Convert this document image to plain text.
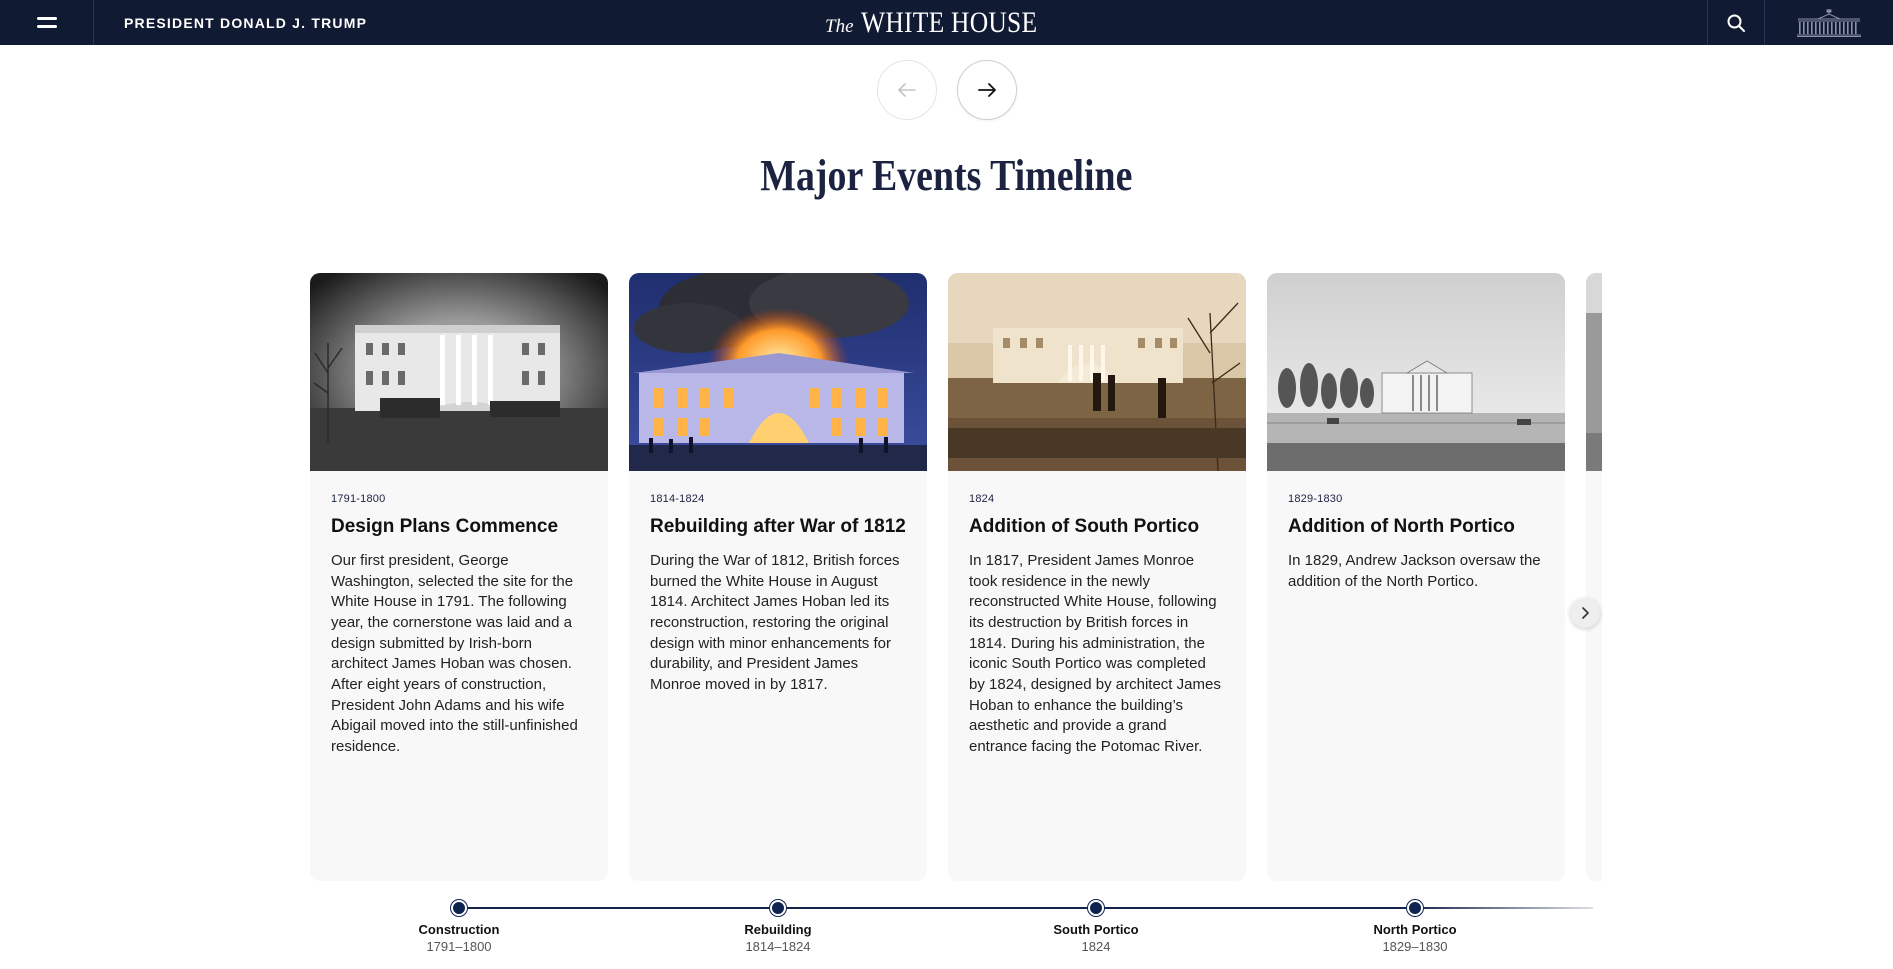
PRESIDENT DONALD J. TRUMP	The WHITE HOUSE
Major Events Timeline
1791-1800
Design Plans Commence

Our first president, George Washington, selected the site for the White House in 1791. The following year, the cornerstone was laid and a design submitted by Irish-born architect James Hoban was chosen. After eight years of construction, President John Adams and his wife Abigail moved into the still-unfinished residence.

1814-1824
Rebuilding after War of 1812

During the War of 1812, British forces burned the White House in August 1814. Architect James Hoban led its reconstruction, restoring the original design with minor enhancements for durability, and President James Monroe moved in by 1817.

1824
Addition of South Portico

In 1817, President James Monroe took residence in the newly reconstructed White House, following its destruction by British forces in 1814. During his administration, the iconic South Portico was completed by 1824, designed by architect James Hoban to enhance the building’s aesthetic and provide a grand entrance facing the Potomac River.

1829-1830
Addition of North Portico

In 1829, Andrew Jackson oversaw the addition of the North Portico.

Construction
1791–1800
Rebuilding
1814–1824
South Portico
1824
North Portico
1829–1830
